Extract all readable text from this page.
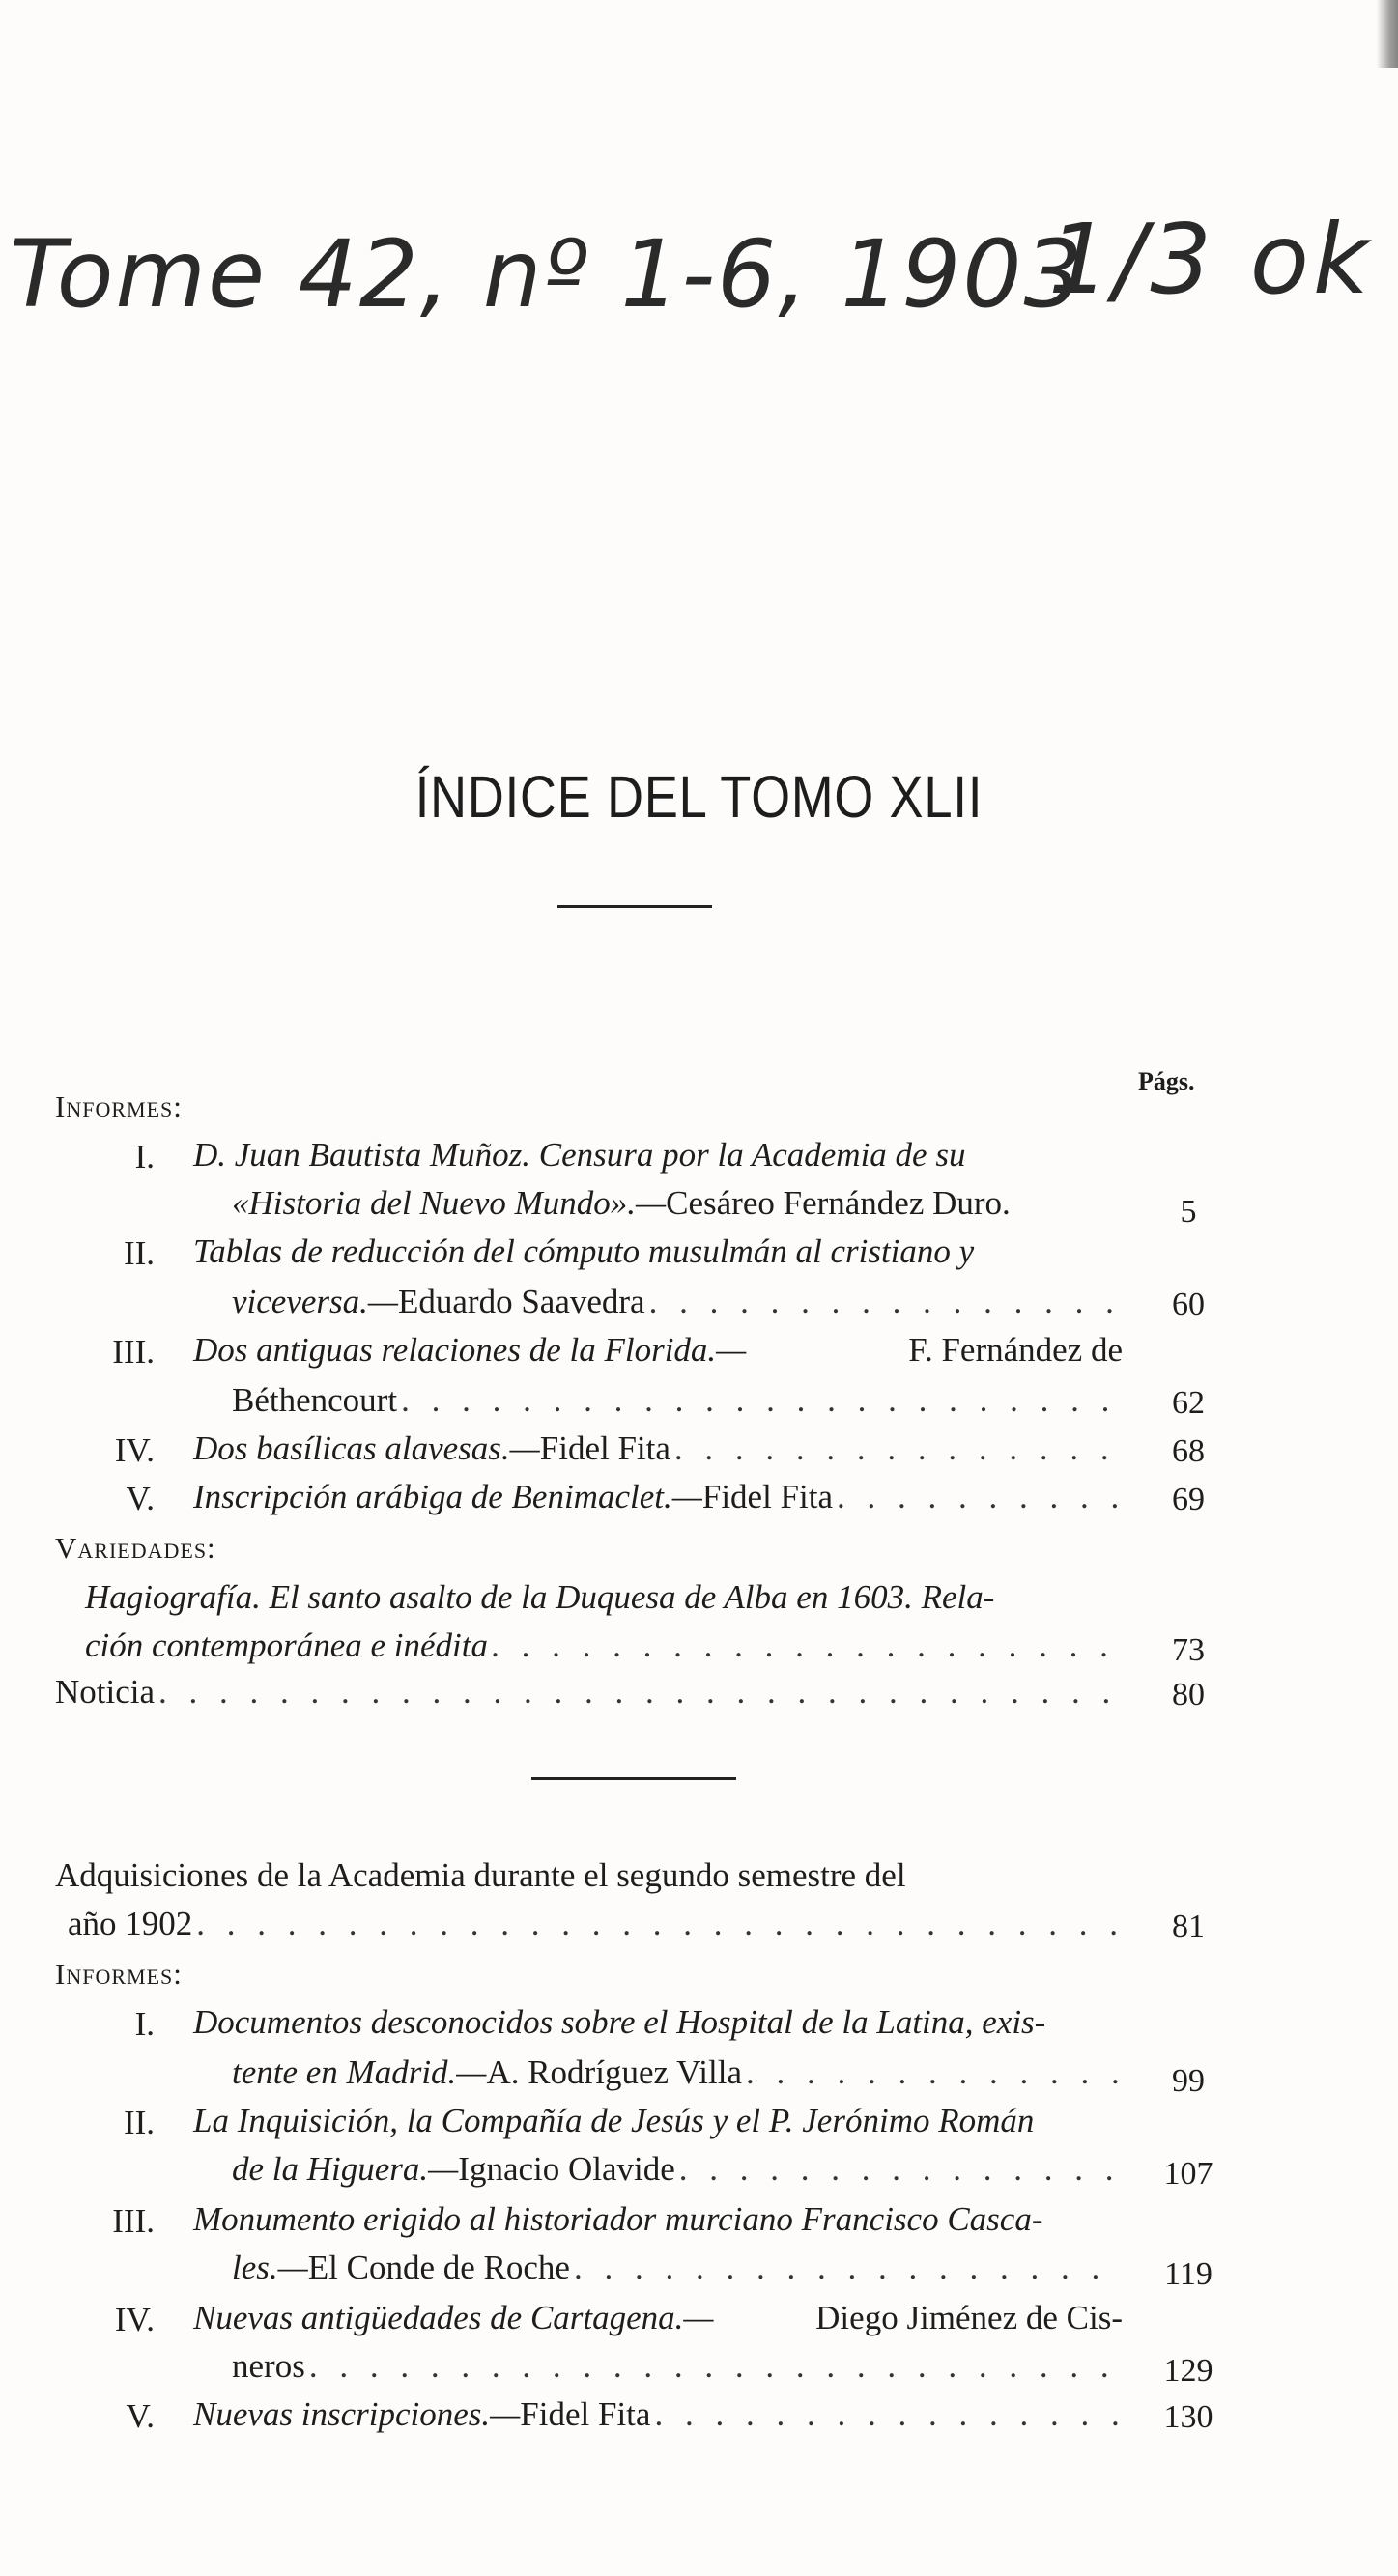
Tome 42, nº 1-6, 1903
1/3 ok
ÍNDICE DEL TOMO XLII
Págs.
Informes:
I. D. Juan Bautista Muñoz. Censura por la Academia de su
«Historia del Nuevo Mundo».— Cesáreo Fernández Duro.	5
II. Tablas de reducción del cómputo musulmán al cristiano y
viceversa.— Eduardo Saavedra . . .	60
III. Dos antiguas relaciones de la Florida.—	F. Fernández de
Béthencourt . . .	62
IV. Dos basílicas alavesas.— Fidel Fita . . .	68
V. Inscripción arábiga de Benimaclet.— Fidel Fita . . .	69
Variedades:
Hagiografía. El santo asalto de la Duquesa de Alba en 1603. Rela-
ción contemporánea e inédita . . .	73
Noticia . . .	80
Adquisiciones de la Academia durante el segundo semestre del
año 1902 . . .	81
Informes:
I. Documentos desconocidos sobre el Hospital de la Latina, exis-
tente en Madrid.— A. Rodríguez Villa . . .	99
II. La Inquisición, la Compañía de Jesús y el P. Jerónimo Román
de la Higuera.— Ignacio Olavide . . .	107
III. Monumento erigido al historiador murciano Francisco Casca-
les.— El Conde de Roche . . .	119
IV. Nuevas antigüedades de Cartagena.—	Diego Jiménez de Cis-
neros . . .	129
V. Nuevas inscripciones.— Fidel Fita . . .	130
